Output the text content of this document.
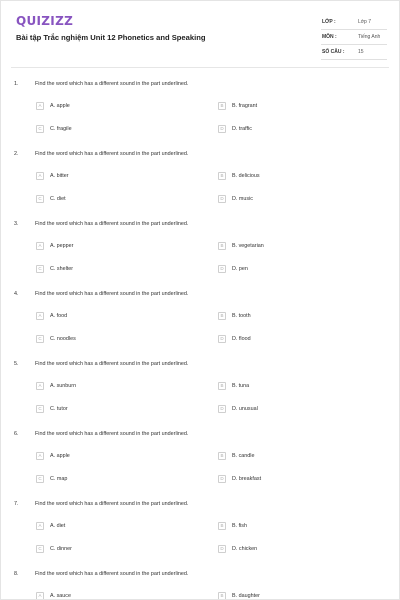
QUIZIZZ
Bài tập Trắc nghiệm Unit 12 Phonetics and Speaking
LỚP :	Lớp 7
MÔN :	Tiếng Anh
SỐ CÂU :	15
1.	Find the word which has a different sound in the part underlined.
A	A. apple	B	B. fragrant
C	C. fragile	D	D. traffic
2.	Find the word which has a different sound in the part underlined.
A	A. bitter	B	B. delicious
C	C. diet	D	D. music
3.	Find the word which has a different sound in the part underlined.
A	A. pepper	B	B. vegetarian
C	C. shelter	D	D. pen
4.	Find the word which has a different sound in the part underlined.
A	A. food	B	B. tooth
C	C. noodles	D	D. flood
5.	Find the word which has a different sound in the part underlined.
A	A. sunburn	B	B. tuna
C	C. tutor	D	D. unusual
6.	Find the word which has a different sound in the part underlined.
A	A. apple	B	B. candle
C	C. map	D	D. breakfast
7.	Find the word which has a different sound in the part underlined.
A	A. diet	B	B. fish
C	C. dinner	D	D. chicken
8.	Find the word which has a different sound in the part underlined.
A	A. sauce	B	B. daughter
